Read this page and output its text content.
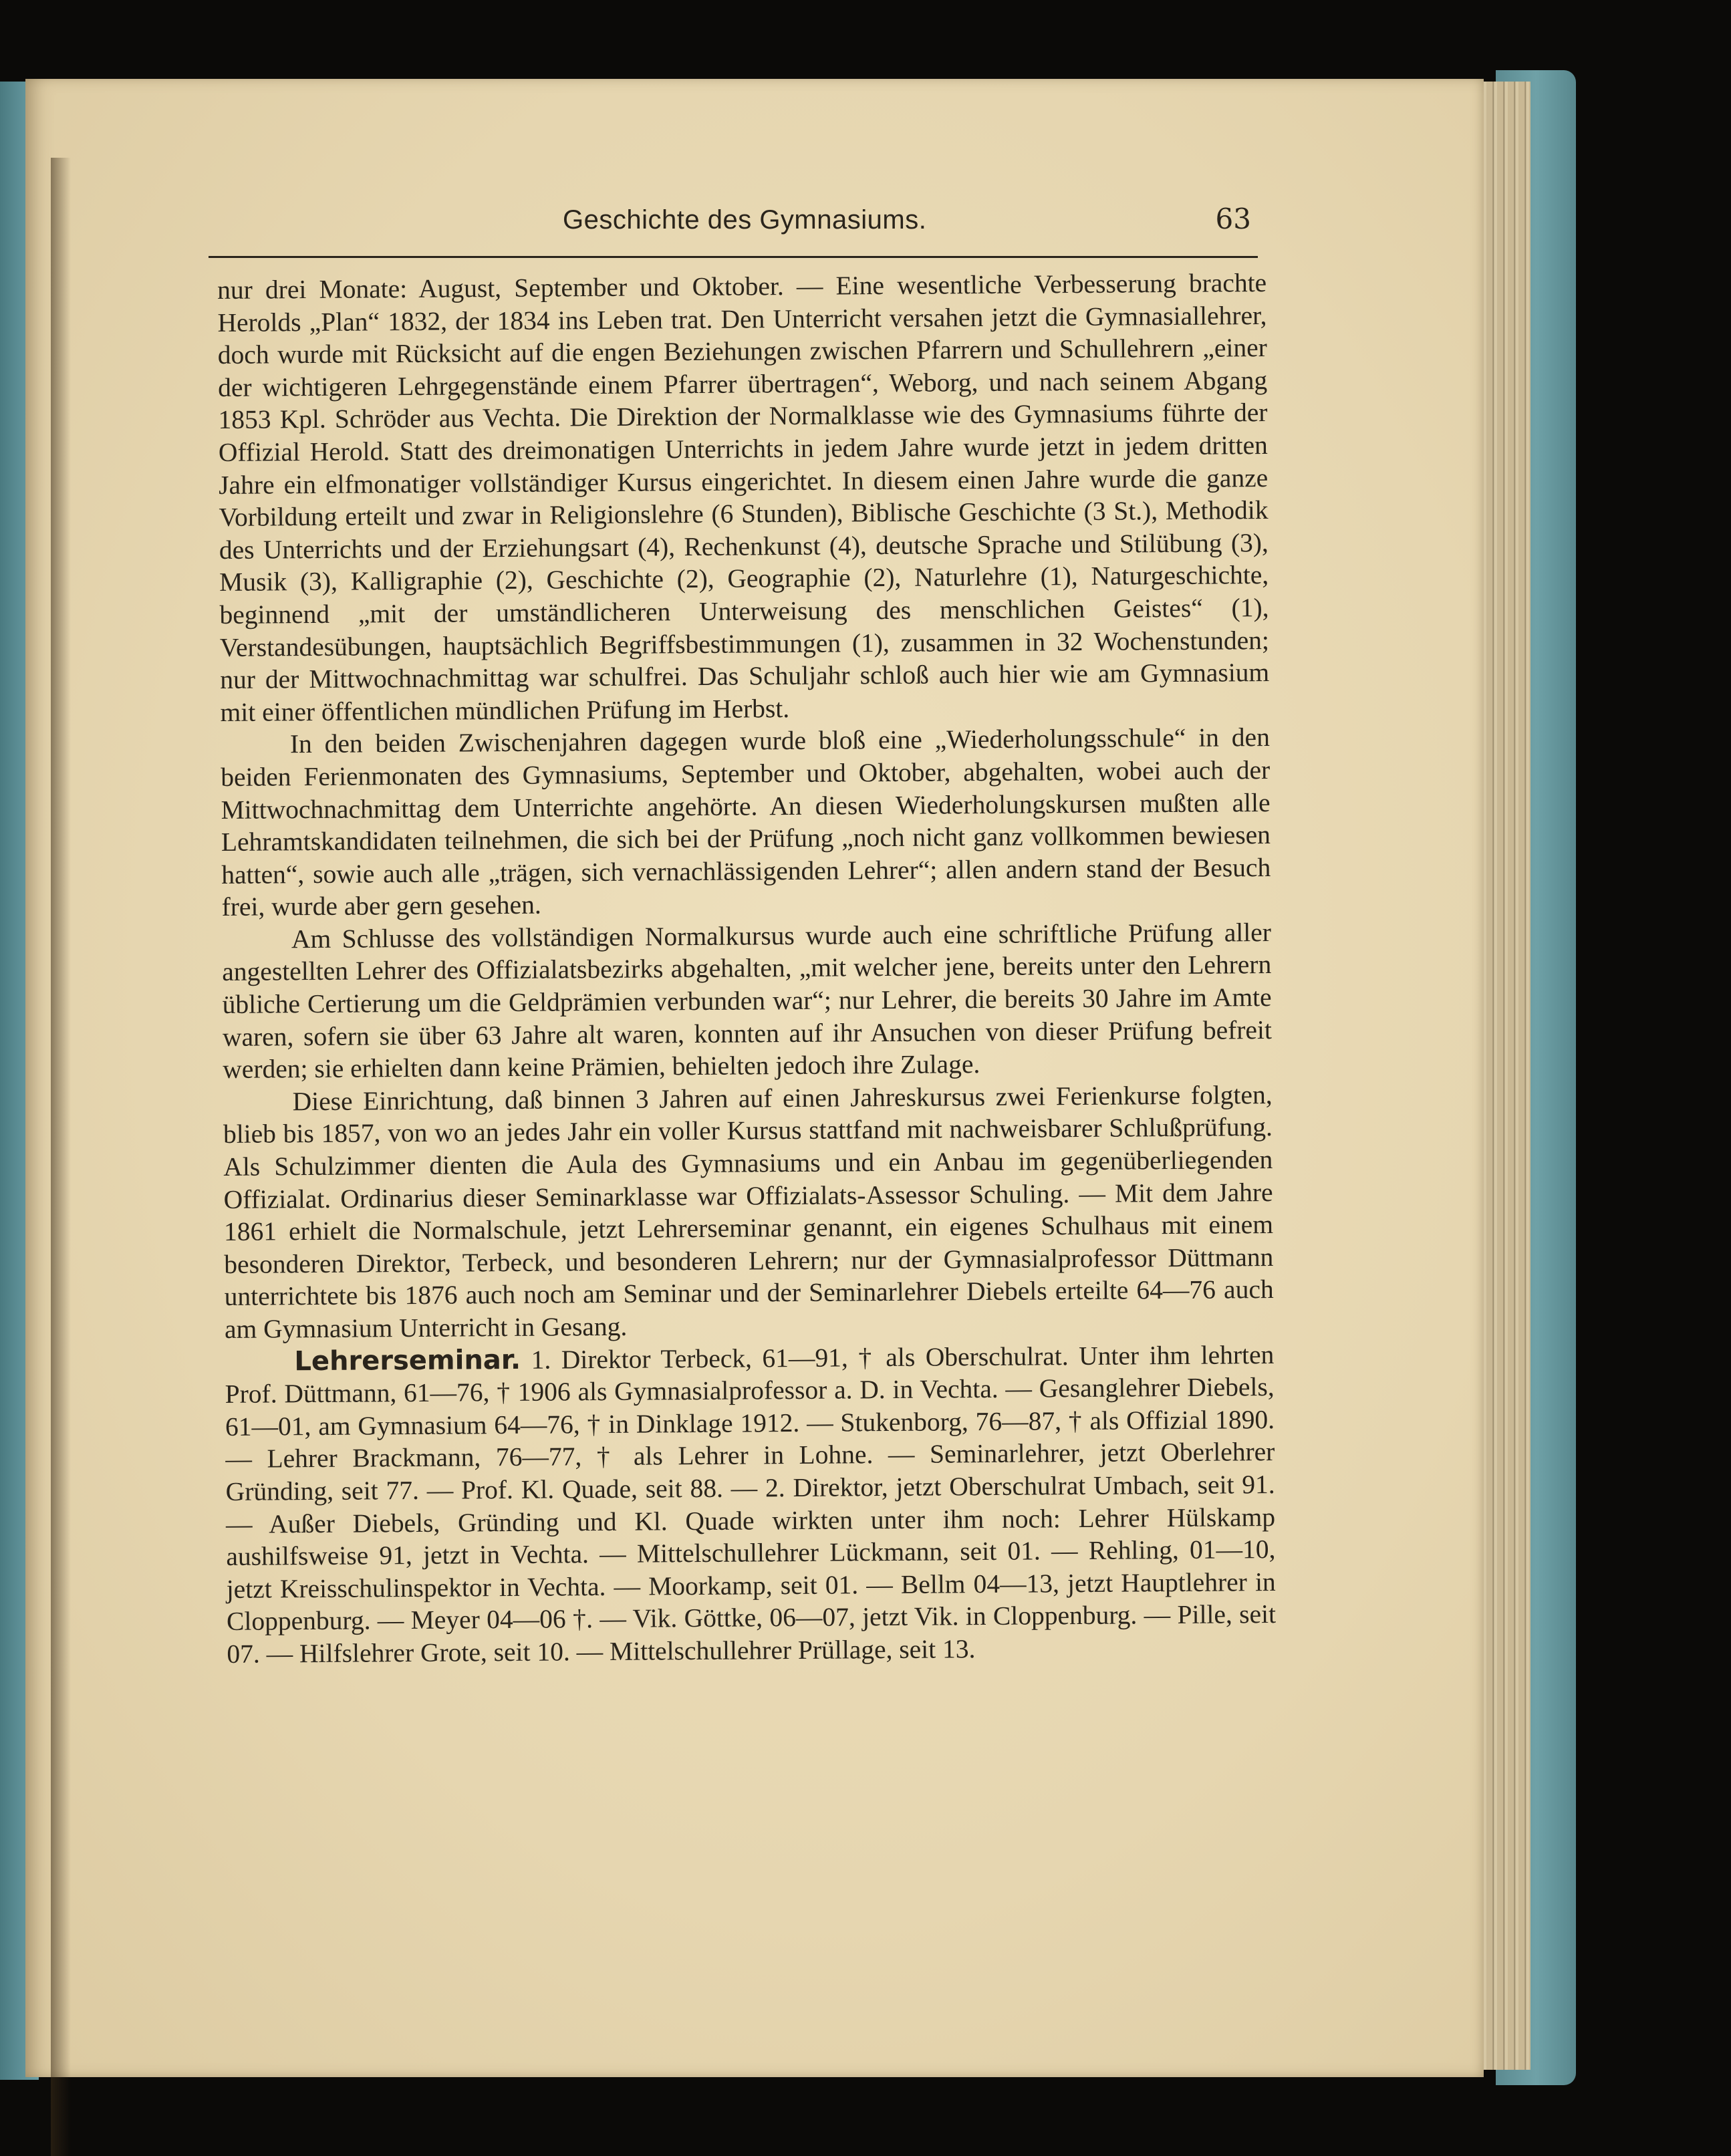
Geschichte des Gymnasiums.	63

nur drei Monate: August, September und Oktober. — Eine wesentliche Verbesserung brachte Herolds „Plan“ 1832, der 1834 ins Leben trat. Den Unterricht versahen jetzt die Gymnasiallehrer, doch wurde mit Rücksicht auf die engen Beziehungen zwischen Pfarrern und Schullehrern „einer der wichtigeren Lehrgegenstände einem Pfarrer übertragen“, Weborg, und nach seinem Abgang 1853 Kpl. Schröder aus Vechta. Die Direktion der Normalklasse wie des Gymnasiums führte der Offizial Herold. Statt des dreimonatigen Unterrichts in jedem Jahre wurde jetzt in jedem dritten Jahre ein elfmonatiger vollständiger Kursus eingerichtet. In diesem einen Jahre wurde die ganze Vorbildung erteilt und zwar in Religionslehre (6 Stunden), Biblische Geschichte (3 St.), Methodik des Unterrichts und der Erziehungsart (4), Rechenkunst (4), deutsche Sprache und Stilübung (3), Musik (3), Kalligraphie (2), Geschichte (2), Geographie (2), Naturlehre (1), Naturgeschichte, beginnend „mit der umständlicheren Unterweisung des menschlichen Geistes“ (1), Verstandesübungen, hauptsächlich Begriffsbestimmungen (1), zusammen in 32 Wochenstunden; nur der Mittwochnachmittag war schulfrei. Das Schuljahr schloß auch hier wie am Gymnasium mit einer öffentlichen mündlichen Prüfung im Herbst.

In den beiden Zwischenjahren dagegen wurde bloß eine „Wiederholungsschule“ in den beiden Ferienmonaten des Gymnasiums, September und Oktober, abgehalten, wobei auch der Mittwochnachmittag dem Unterrichte angehörte. An diesen Wiederholungskursen mußten alle Lehramtskandidaten teilnehmen, die sich bei der Prüfung „noch nicht ganz vollkommen bewiesen hatten“, sowie auch alle „trägen, sich vernachlässigenden Lehrer“; allen andern stand der Besuch frei, wurde aber gern gesehen.

Am Schlusse des vollständigen Normalkursus wurde auch eine schriftliche Prüfung aller angestellten Lehrer des Offizialatsbezirks abgehalten, „mit welcher jene, bereits unter den Lehrern übliche Certierung um die Geldprämien verbunden war“; nur Lehrer, die bereits 30 Jahre im Amte waren, sofern sie über 63 Jahre alt waren, konnten auf ihr Ansuchen von dieser Prüfung befreit werden; sie erhielten dann keine Prämien, behielten jedoch ihre Zulage.

Diese Einrichtung, daß binnen 3 Jahren auf einen Jahreskursus zwei Ferienkurse folgten, blieb bis 1857, von wo an jedes Jahr ein voller Kursus stattfand mit nachweisbarer Schlußprüfung. Als Schulzimmer dienten die Aula des Gymnasiums und ein Anbau im gegenüberliegenden Offizialat. Ordinarius dieser Seminarklasse war Offizialats-Assessor Schuling. — Mit dem Jahre 1861 erhielt die Normalschule, jetzt Lehrerseminar genannt, ein eigenes Schulhaus mit einem besonderen Direktor, Terbeck, und besonderen Lehrern; nur der Gymnasialprofessor Düttmann unterrichtete bis 1876 auch noch am Seminar und der Seminarlehrer Diebels erteilte 64—76 auch am Gymnasium Unterricht in Gesang.

Lehrerseminar. 1. Direktor Terbeck, 61—91, † als Oberschulrat. Unter ihm lehrten Prof. Düttmann, 61—76, † 1906 als Gymnasialprofessor a. D. in Vechta. — Gesanglehrer Diebels, 61—01, am Gymnasium 64—76, † in Dinklage 1912. — Stukenborg, 76—87, † als Offizial 1890. — Lehrer Brackmann, 76—77, † als Lehrer in Lohne. — Seminarlehrer, jetzt Oberlehrer Gründing, seit 77. — Prof. Kl. Quade, seit 88. — 2. Direktor, jetzt Oberschulrat Umbach, seit 91. — Außer Diebels, Gründing und Kl. Quade wirkten unter ihm noch: Lehrer Hülskamp aushilfsweise 91, jetzt in Vechta. — Mittelschullehrer Lückmann, seit 01. — Rehling, 01—10, jetzt Kreisschulinspektor in Vechta. — Moorkamp, seit 01. — Bellm 04—13, jetzt Hauptlehrer in Cloppenburg. — Meyer 04—06 †. — Vik. Göttke, 06—07, jetzt Vik. in Cloppenburg. — Pille, seit 07. — Hilfslehrer Grote, seit 10. — Mittelschullehrer Prüllage, seit 13.
